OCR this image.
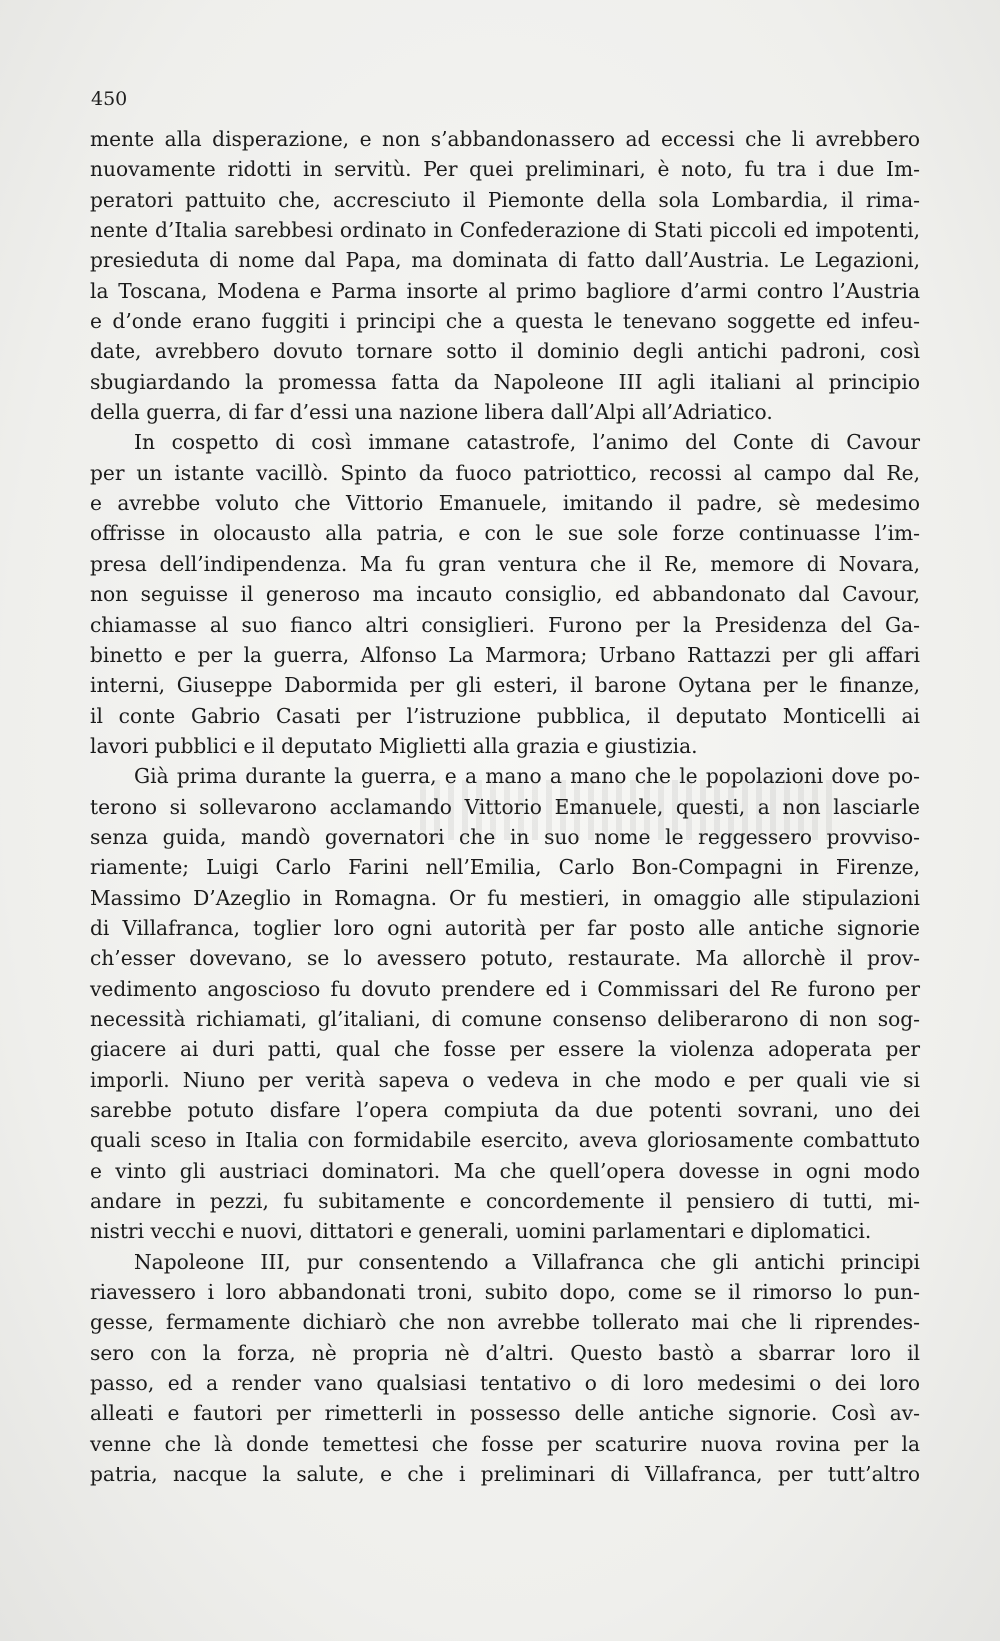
450
mente alla disperazione, e non s’abbandonassero ad eccessi che li avrebbero
nuovamente ridotti in servitù. Per quei preliminari, è noto, fu tra i due Im-
peratori pattuito che, accresciuto il Piemonte della sola Lombardia, il rima-
nente d’Italia sarebbesi ordinato in Confederazione di Stati piccoli ed impotenti,
presieduta di nome dal Papa, ma dominata di fatto dall’Austria. Le Legazioni,
la Toscana, Modena e Parma insorte al primo bagliore d’armi contro l’Austria
e d’onde erano fuggiti i principi che a questa le tenevano soggette ed infeu-
date, avrebbero dovuto tornare sotto il dominio degli antichi padroni, così
sbugiardando la promessa fatta da Napoleone III agli italiani al principio
della guerra, di far d’essi una nazione libera dall’Alpi all’Adriatico.
In cospetto di così immane catastrofe, l’animo del Conte di Cavour
per un istante vacillò. Spinto da fuoco patriottico, recossi al campo dal Re,
e avrebbe voluto che Vittorio Emanuele, imitando il padre, sè medesimo
offrisse in olocausto alla patria, e con le sue sole forze continuasse l’im-
presa dell’indipendenza. Ma fu gran ventura che il Re, memore di Novara,
non seguisse il generoso ma incauto consiglio, ed abbandonato dal Cavour,
chiamasse al suo fianco altri consiglieri. Furono per la Presidenza del Ga-
binetto e per la guerra, Alfonso La Marmora; Urbano Rattazzi per gli affari
interni, Giuseppe Dabormida per gli esteri, il barone Oytana per le finanze,
il conte Gabrio Casati per l’istruzione pubblica, il deputato Monticelli ai
lavori pubblici e il deputato Miglietti alla grazia e giustizia.
Già prima durante la guerra, e a mano a mano che le popolazioni dove po-
terono si sollevarono acclamando Vittorio Emanuele, questi, a non lasciarle
senza guida, mandò governatori che in suo nome le reggessero provviso-
riamente; Luigi Carlo Farini nell’Emilia, Carlo Bon-Compagni in Firenze,
Massimo D’Azeglio in Romagna. Or fu mestieri, in omaggio alle stipulazioni
di Villafranca, toglier loro ogni autorità per far posto alle antiche signorie
ch’esser dovevano, se lo avessero potuto, restaurate. Ma allorchè il prov-
vedimento angoscioso fu dovuto prendere ed i Commissari del Re furono per
necessità richiamati, gl’italiani, di comune consenso deliberarono di non sog-
giacere ai duri patti, qual che fosse per essere la violenza adoperata per
imporli. Niuno per verità sapeva o vedeva in che modo e per quali vie si
sarebbe potuto disfare l’opera compiuta da due potenti sovrani, uno dei
quali sceso in Italia con formidabile esercito, aveva gloriosamente combattuto
e vinto gli austriaci dominatori. Ma che quell’opera dovesse in ogni modo
andare in pezzi, fu subitamente e concordemente il pensiero di tutti, mi-
nistri vecchi e nuovi, dittatori e generali, uomini parlamentari e diplomatici.
Napoleone III, pur consentendo a Villafranca che gli antichi principi
riavessero i loro abbandonati troni, subito dopo, come se il rimorso lo pun-
gesse, fermamente dichiarò che non avrebbe tollerato mai che li riprendes-
sero con la forza, nè propria nè d’altri. Questo bastò a sbarrar loro il
passo, ed a render vano qualsiasi tentativo o di loro medesimi o dei loro
alleati e fautori per rimetterli in possesso delle antiche signorie. Così av-
venne che là donde temettesi che fosse per scaturire nuova rovina per la
patria, nacque la salute, e che i preliminari di Villafranca, per tutt’altro
